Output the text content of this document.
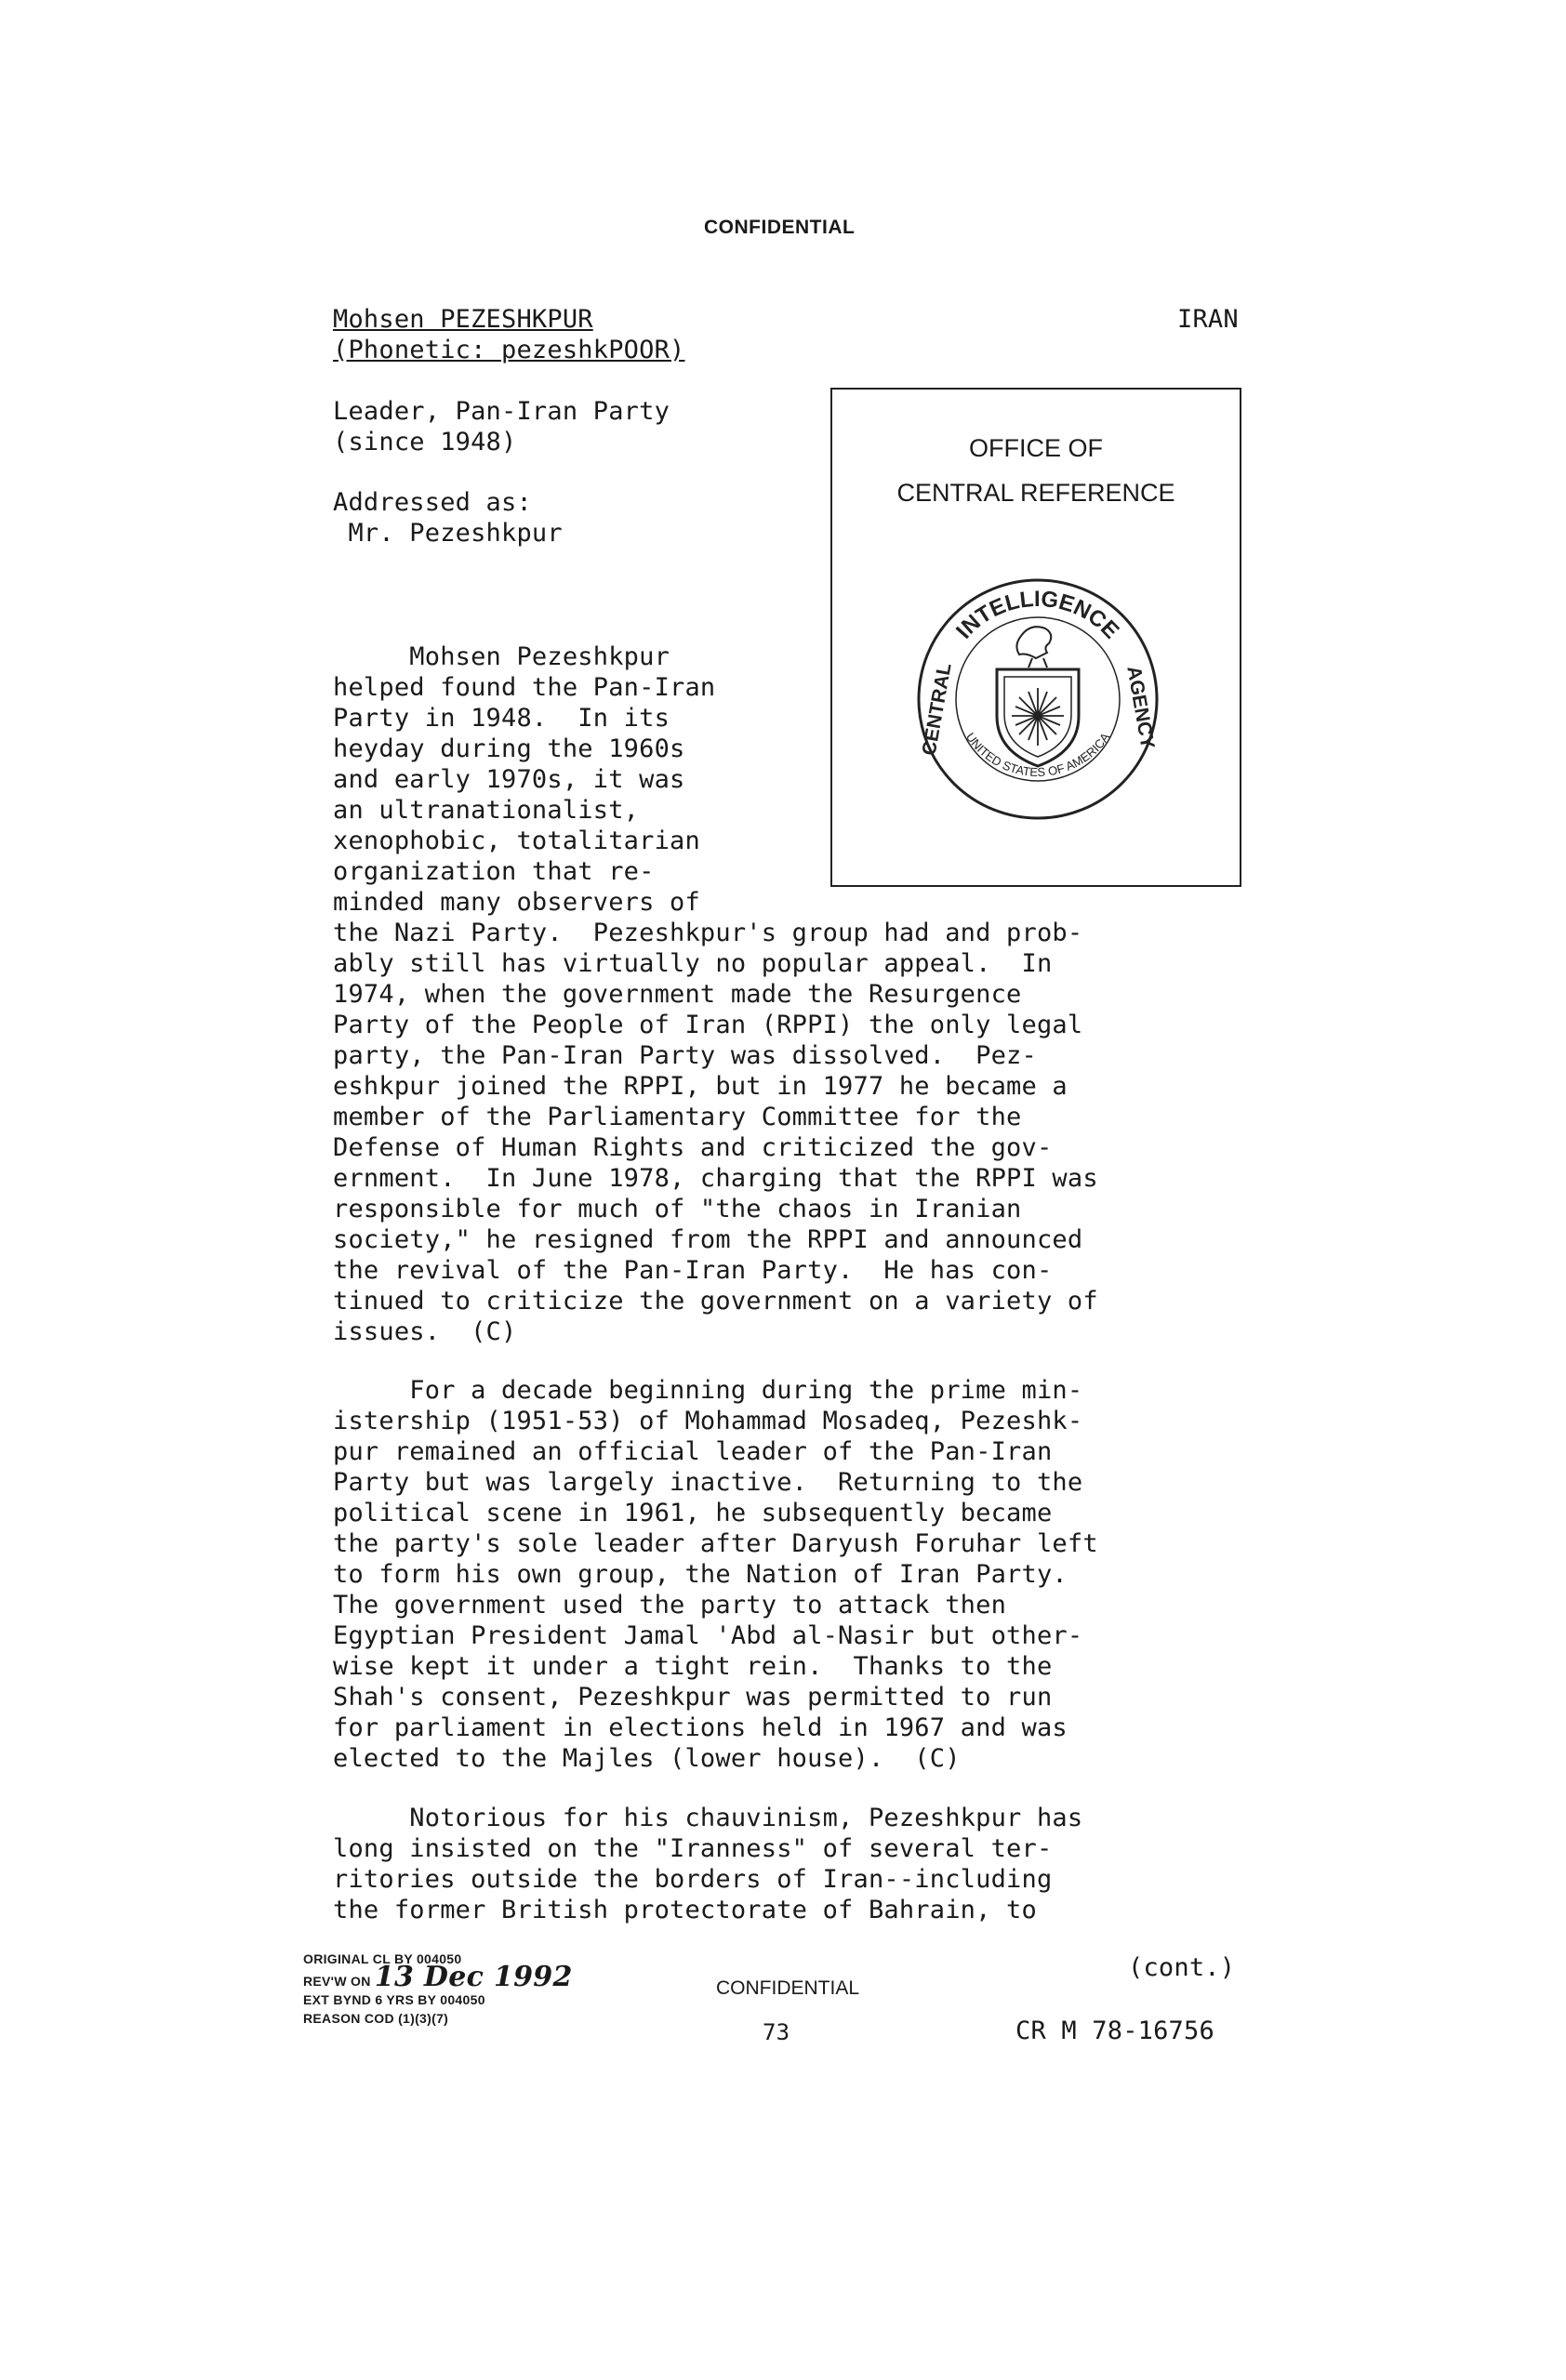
CONFIDENTIAL
Mohsen PEZESHKPUR
(Phonetic: pezeshkPOOR)
IRAN
Leader, Pan-Iran Party
(since 1948)
Addressed as:
Mr. Pezeshkpur
OFFICE OF
CENTRAL REFERENCE
INTELLIGENCE
CENTRAL	AGENCY
UNITED STATES OF AMERICA
Mohsen Pezeshkpur
helped found the Pan-Iran
Party in 1948.  In its
heyday during the 1960s
and early 1970s, it was
an ultranationalist,
xenophobic, totalitarian
organization that re-
minded many observers of
the Nazi Party.  Pezeshkpur's group had and prob-
ably still has virtually no popular appeal.  In
1974, when the government made the Resurgence
Party of the People of Iran (RPPI) the only legal
party, the Pan-Iran Party was dissolved.  Pez-
eshkpur joined the RPPI, but in 1977 he became a
member of the Parliamentary Committee for the
Defense of Human Rights and criticized the gov-
ernment.  In June 1978, charging that the RPPI was
responsible for much of "the chaos in Iranian
society," he resigned from the RPPI and announced
the revival of the Pan-Iran Party.  He has con-
tinued to criticize the government on a variety of
issues.  (C)
For a decade beginning during the prime min-
istership (1951-53) of Mohammad Mosadeq, Pezeshk-
pur remained an official leader of the Pan-Iran
Party but was largely inactive.  Returning to the
political scene in 1961, he subsequently became
the party's sole leader after Daryush Foruhar left
to form his own group, the Nation of Iran Party.
The government used the party to attack then
Egyptian President Jamal 'Abd al-Nasir but other-
wise kept it under a tight rein.  Thanks to the
Shah's consent, Pezeshkpur was permitted to run
for parliament in elections held in 1967 and was
elected to the Majles (lower house).  (C)
Notorious for his chauvinism, Pezeshkpur has
long insisted on the "Iranness" of several ter-
ritories outside the borders of Iran--including
the former British protectorate of Bahrain, to
ORIGINAL CL BY 004050
REV'W ON 13 Dec 1992
EXT BYND 6 YRS BY 004050
REASON COD (1)(3)(7)
CONFIDENTIAL
73
(cont.)
CR M 78-16756
